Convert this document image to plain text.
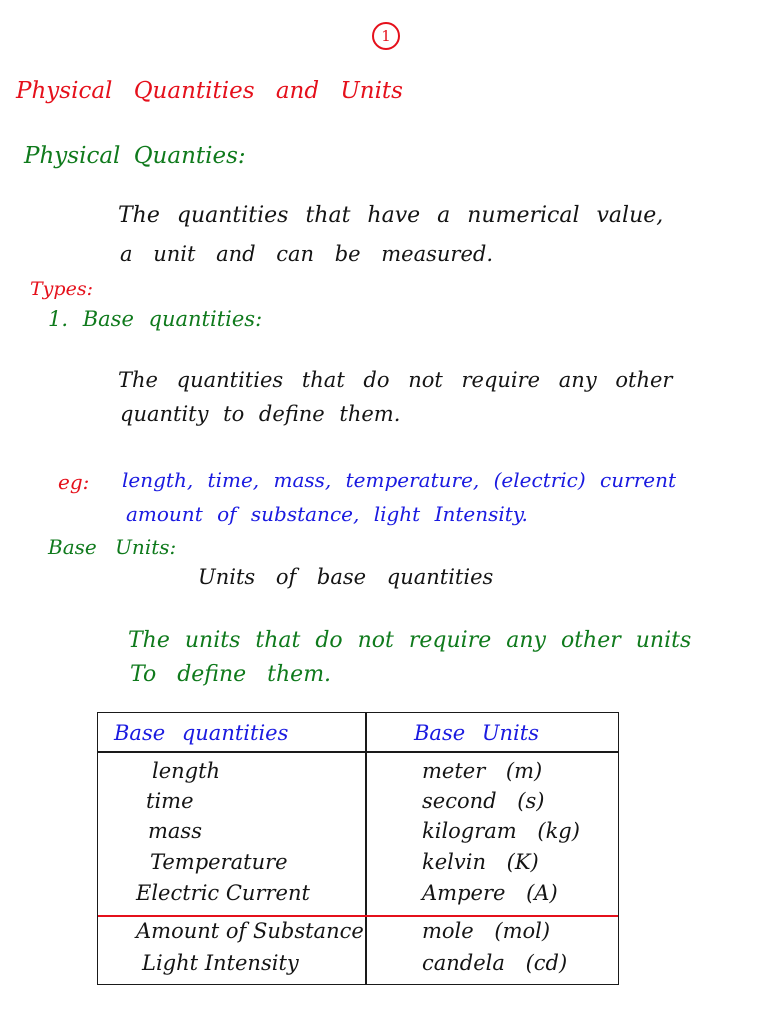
1
Physical Quantities and Units
Physical Quanties:
The quantities that have a numerical value,
a unit and can be measured.
Types:
1. Base quantities:
The quantities that do not require any other
quantity to define them.
eg: length, time, mass, temperature, (electric) current
amount of substance, light Intensity.
Base Units:
Units of base quantities
The units that do not require any other units
To define them.
Base quantities	Base Units
length	meter (m)
time	second (s)
mass	kilogram (kg)
Temperature	kelvin (K)
Electric Current	Ampere (A)
Amount of Substance	mole (mol)
Light Intensity	candela (cd)
